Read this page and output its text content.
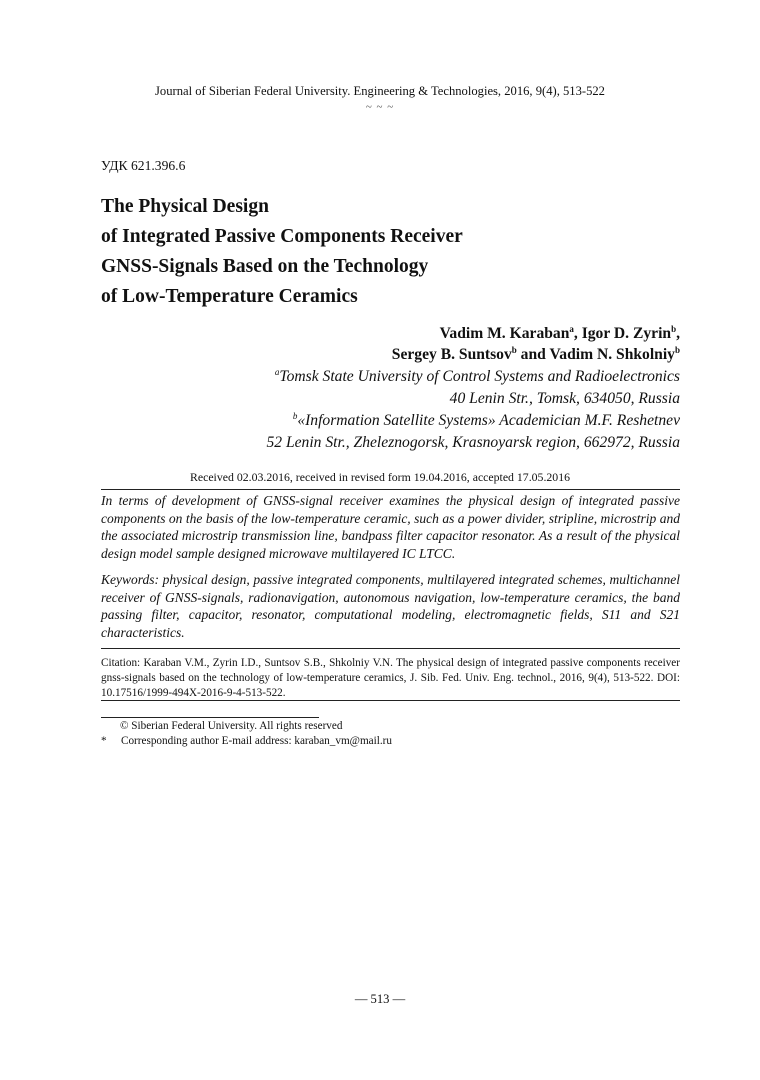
Journal of Siberian Federal University. Engineering & Technologies, 2016, 9(4), 513-522
~ ~ ~
УДК 621.396.6
The Physical Design
of Integrated Passive Components Receiver
GNSS-Signals Based on the Technology
of Low-Temperature Ceramics
Vadim M. Karaban$^a$, Igor D. Zyrin$^b$,
Sergey B. Suntsov$^b$ and Vadim N. Shkolniy$^b$
$^a$Tomsk State University of Control Systems and Radioelectronics
40 Lenin Str., Tomsk, 634050, Russia
$^b$«Information Satellite Systems» Academician M.F. Reshetnev
52 Lenin Str., Zheleznogorsk, Krasnoyarsk region, 662972, Russia
Received 02.03.2016, received in revised form 19.04.2016, accepted 17.05.2016
In terms of development of GNSS-signal receiver examines the physical design of integrated passive components on the basis of the low-temperature ceramic, such as a power divider, stripline, microstrip and the associated microstrip transmission line, bandpass filter capacitor resonator. As a result of the physical design model sample designed microwave multilayered IC LTCC.
Keywords: physical design, passive integrated components, multilayered integrated schemes, multichannel receiver of GNSS-signals, radionavigation, autonomous navigation, low-temperature ceramics, the band passing filter, capacitor, resonator, computational modeling, electromagnetic fields, S11 and S21 characteristics.
Citation: Karaban V.M., Zyrin I.D., Suntsov S.B., Shkolniy V.N. The physical design of integrated passive components receiver gnss-signals based on the technology of low-temperature ceramics, J. Sib. Fed. Univ. Eng. technol., 2016, 9(4), 513-522. DOI: 10.17516/1999-494X-2016-9-4-513-522.
© Siberian Federal University. All rights reserved
* Corresponding author E-mail address: karaban_vm@mail.ru
— 513 —
